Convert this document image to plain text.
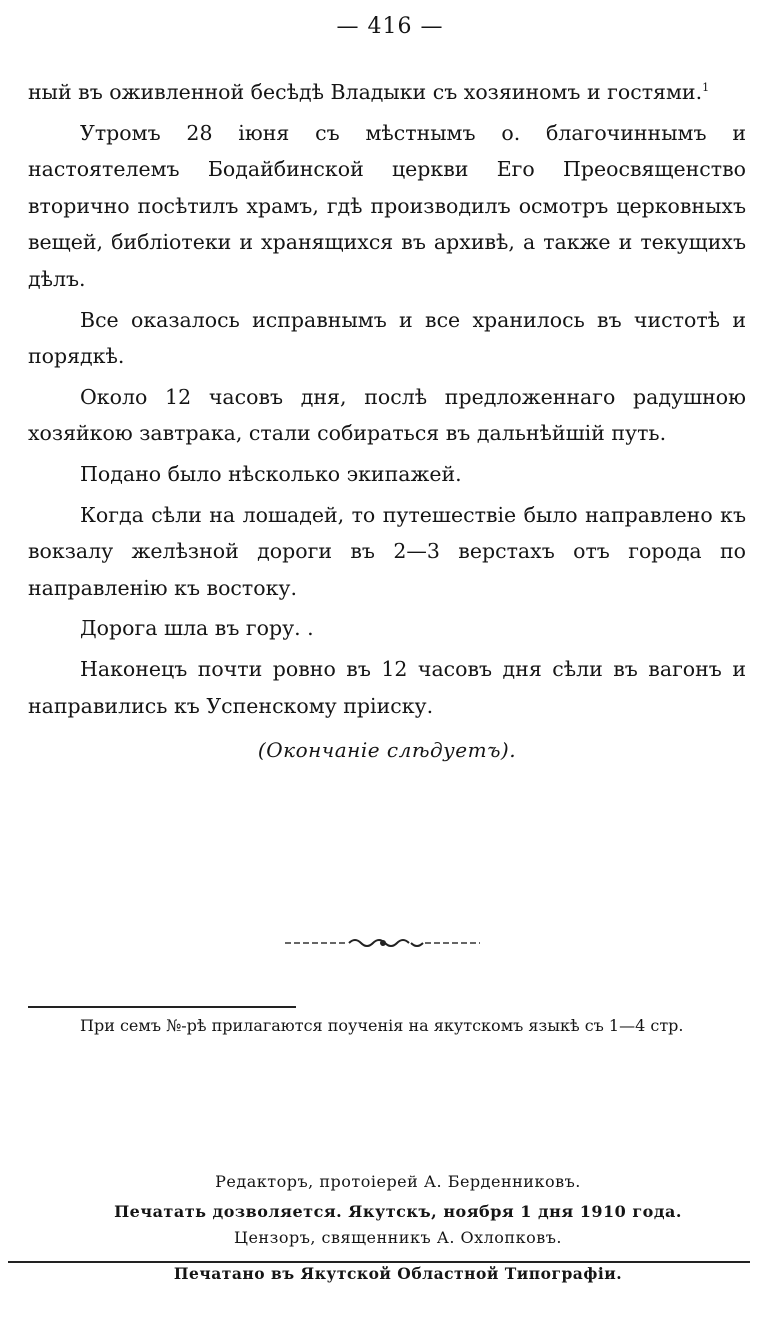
— 416 —

ный въ оживленной бесѣдѣ Владыки съ хозяиномъ и гостями.$^1$

Утромъ 28 іюня съ мѣстнымъ о. благочиннымъ и настоятелемъ Бодайбинской церкви Его Преосвященство вторично посѣтилъ храмъ, гдѣ производилъ осмотръ церковныхъ вещей, библіотеки и хранящихся въ архивѣ, а также и текущихъ дѣлъ.

Все оказалось исправнымъ и все хранилось въ чистотѣ и порядкѣ.

Около 12 часовъ дня, послѣ предложеннаго радушною хозяйкою завтрака, стали собираться въ дальнѣйшій путь.

Подано было нѣсколько экипажей.

Когда сѣли на лошадей, то путешествіе было направлено къ вокзалу желѣзной дороги въ 2—3 верстахъ отъ города по направленію къ востоку.

Дорога шла въ гору. .

Наконецъ почти ровно въ 12 часовъ дня сѣли въ вагонъ и направились къ Успенскому пріиску.

(Окончаніе слѣдуетъ).
При семъ №-рѣ прилагаются поученія на якутскомъ языкѣ съ 1—4 стр.
Редакторъ, протоіерей А. Берденниковъ.
Печатать дозволяется. Якутскъ, ноября 1 дня 1910 года.
Цензоръ, священникъ А. Охлопковъ.
Печатано въ Якутской Областной Типографіи.
